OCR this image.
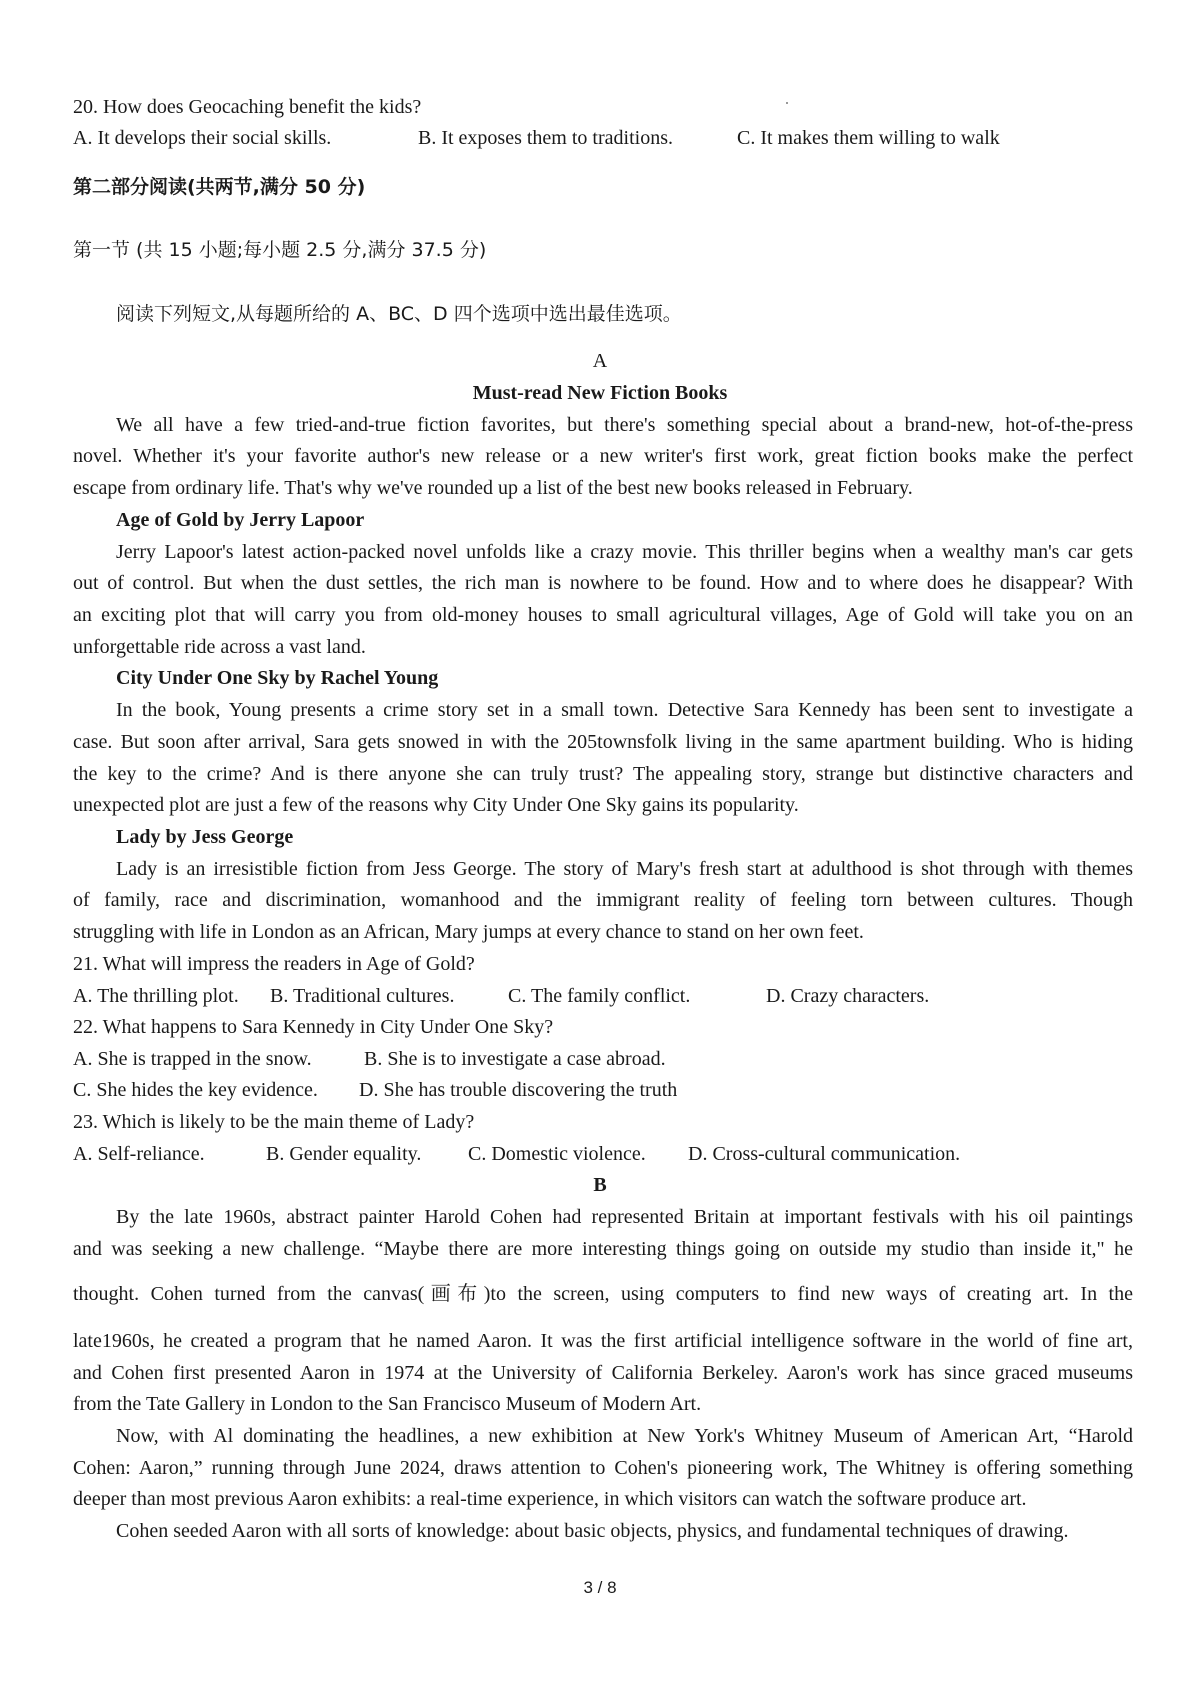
20. How does Geocaching benefit the kids?
A. It develops their social skills.	B. It exposes them to traditions.	C. It makes them willing to walk
第二部分阅读(共两节,满分 50 分)
第一节 (共 15 小题;每小题 2.5 分,满分 37.5 分)
阅读下列短文,从每题所给的 A、BC、D 四个选项中选出最佳选项。
A
Must-read New Fiction Books
We all have a few tried-and-true fiction favorites, but there's something special about a brand-new, hot-of-the-press
novel. Whether it's your favorite author's new release or a new writer's first work, great fiction books make the perfect
escape from ordinary life. That's why we've rounded up a list of the best new books released in February.
Age of Gold by Jerry Lapoor
Jerry Lapoor's latest action-packed novel unfolds like a crazy movie. This thriller begins when a wealthy man's car gets
out of control. But when the dust settles, the rich man is nowhere to be found. How and to where does he disappear? With
an exciting plot that will carry you from old-money houses to small agricultural villages, Age of Gold will take you on an
unforgettable ride across a vast land.
City Under One Sky by Rachel Young
In the book, Young presents a crime story set in a small town. Detective Sara Kennedy has been sent to investigate a
case. But soon after arrival, Sara gets snowed in with the 205townsfolk living in the same apartment building. Who is hiding
the key to the crime? And is there anyone she can truly trust? The appealing story, strange but distinctive characters and
unexpected plot are just a few of the reasons why City Under One Sky gains its popularity.
Lady by Jess George
Lady is an irresistible fiction from Jess George. The story of Mary's fresh start at adulthood is shot through with themes
of family, race and discrimination, womanhood and the immigrant reality of feeling torn between cultures. Though
struggling with life in London as an African, Mary jumps at every chance to stand on her own feet.
21. What will impress the readers in Age of Gold?
A. The thrilling plot. B. Traditional cultures.	C. The family conflict.	D. Crazy characters.
22. What happens to Sara Kennedy in City Under One Sky?
A. She is trapped in the snow.	B. She is to investigate a case abroad.
C. She hides the key evidence. D. She has trouble discovering the truth
23. Which is likely to be the main theme of Lady?
A. Self-reliance.	B. Gender equality. C. Domestic violence. D. Cross-cultural communication.
B
By the late 1960s, abstract painter Harold Cohen had represented Britain at important festivals with his oil paintings
and was seeking a new challenge. “Maybe there are more interesting things going on outside my studio than inside it," he
thought. Cohen turned from the canvas(画布)to the screen, using computers to find new ways of creating art. In the
late1960s, he created a program that he named Aaron. It was the first artificial intelligence software in the world of fine art,
and Cohen first presented Aaron in 1974 at the University of California Berkeley. Aaron's work has since graced museums
from the Tate Gallery in London to the San Francisco Museum of Modern Art.
Now, with Al dominating the headlines, a new exhibition at New York's Whitney Museum of American Art, “Harold
Cohen: Aaron,” running through June 2024, draws attention to Cohen's pioneering work, The Whitney is offering something
deeper than most previous Aaron exhibits: a real-time experience, in which visitors can watch the software produce art.
Cohen seeded Aaron with all sorts of knowledge: about basic objects, physics, and fundamental techniques of drawing.
3 / 8
